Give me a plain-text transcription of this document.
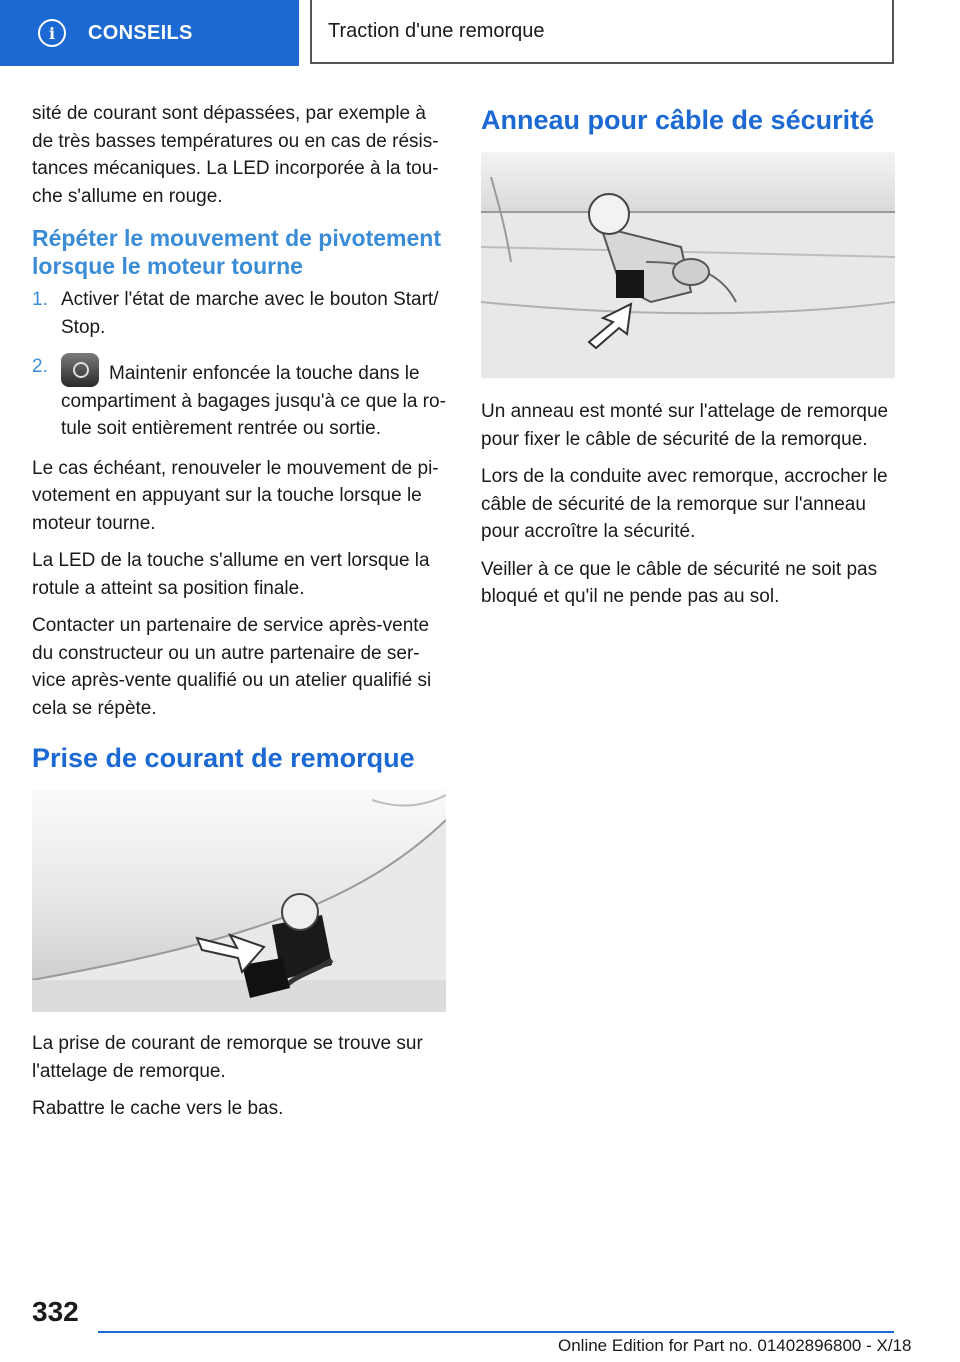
i	CONSEILS	Traction d'une remorque

sité de courant sont dépassées, par exemple à de très basses températures ou en cas de résis- tances mécaniques. La LED incorporée à la tou- che s'allume en rouge.

Répéter le mouvement de pivotement lorsque le moteur tourne
1. Activer l'état de marche avec le bouton Start/ Stop.
2.	Maintenir enfoncée la touche dans le compartiment à bagages jusqu'à ce que la ro- tule soit entièrement rentrée ou sortie.

Le cas échéant, renouveler le mouvement de pi- votement en appuyant sur la touche lorsque le moteur tourne.

La LED de la touche s'allume en vert lorsque la rotule a atteint sa position finale.

Contacter un partenaire de service après-vente du constructeur ou un autre partenaire de ser- vice après-vente qualifié ou un atelier qualifié si cela se répète.

Prise de courant de remorque

La prise de courant de remorque se trouve sur l'attelage de remorque.

Rabattre le cache vers le bas.

Anneau pour câble de sécurité

Un anneau est monté sur l'attelage de remorque pour fixer le câble de sécurité de la remorque.

Lors de la conduite avec remorque, accrocher le câble de sécurité de la remorque sur l'anneau pour accroître la sécurité.

Veiller à ce que le câble de sécurité ne soit pas bloqué et qu'il ne pende pas au sol.

332
Online Edition for Part no. 01402896800 - X/18
